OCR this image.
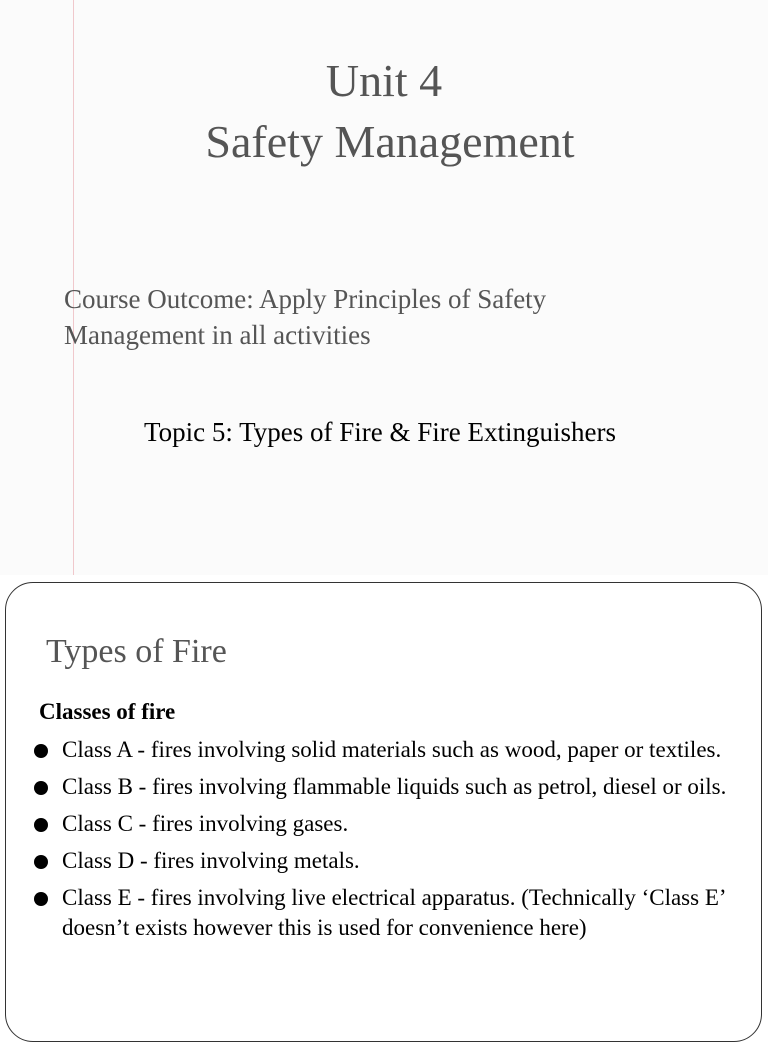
Unit 4
Safety Management
Course Outcome: Apply Principles of Safety Management in all activities
Topic 5: Types of Fire & Fire Extinguishers
Types of Fire
Classes of fire
Class A - fires involving solid materials such as wood, paper or textiles.
Class B - fires involving flammable liquids such as petrol, diesel or oils.
Class C - fires involving gases.
Class D - fires involving metals.
Class E - fires involving live electrical apparatus. (Technically ‘Class E’ doesn’t exists however this is used for convenience here)
